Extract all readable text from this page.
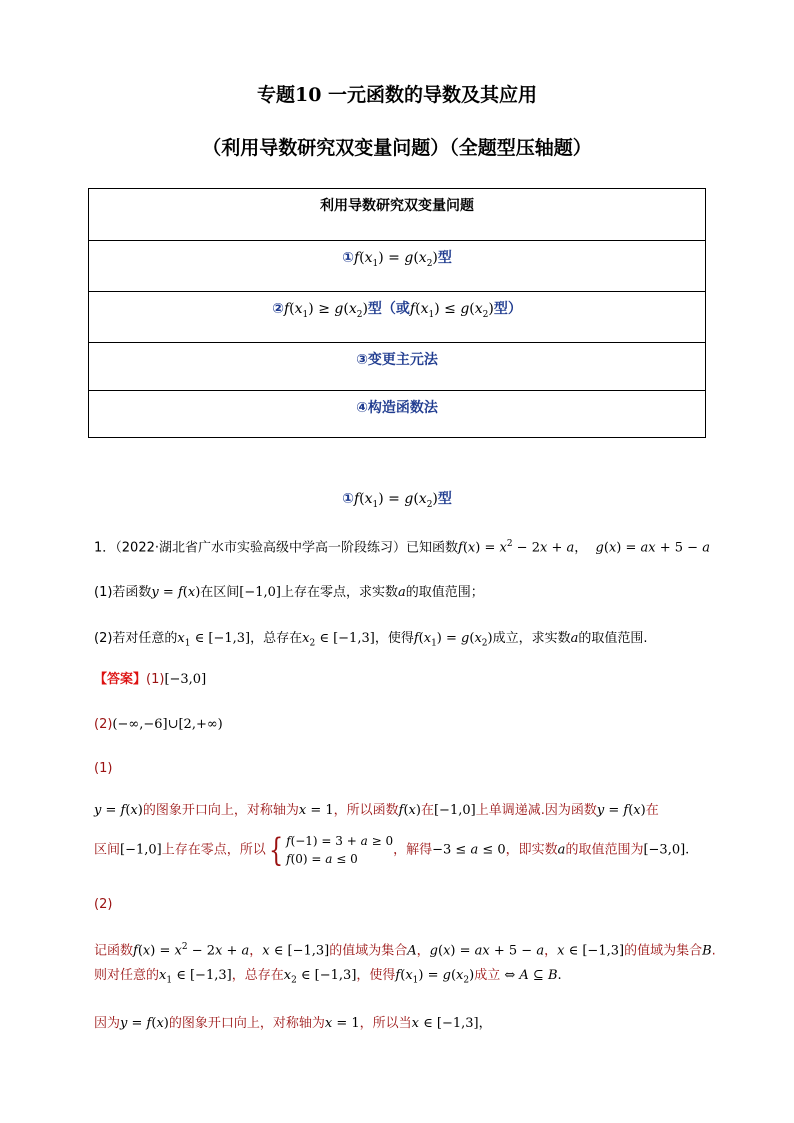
专题10 一元函数的导数及其应用
（利用导数研究双变量问题）（全题型压轴题）
利用导数研究双变量问题
$①f(x_1) = g(x_2)$型
$②f(x_1) \ge g(x_2)$型（或$f(x_1) \le g(x_2)$型）
③变更主元法
④构造函数法
$①f(x_1) = g(x_2)$型
1．（2022·湖北省广水市实验高级中学高一阶段练习）已知函数$f(x) = x^2 - 2x + a$， g(x) = ax + 5 − a
(1)若函数y = f(x)在区间[−1,0]上存在零点，求实数a的取值范围；
(2)若对任意的$x_1$ ∈ [−1,3]，总存在$x_2$ ∈ [−1,3]，使得$f(x_1) = g(x_2)$成立，求实数a的取值范围.
【答案】(1)[−3,0]
(2)(−∞,−6]∪[2,+∞)
(1)
y = f(x)的图象开口向上，对称轴为x = 1，所以函数f(x)在[−1,0]上单调递减.因为函数y = f(x)在
区间[−1,0]上存在零点，所以{ f(−1) = 3 + a ≥ 0
f(0) = a ≤ 0，解得−3 ≤ a ≤ 0，即实数a的取值范围为[−3,0].
(2)
记函数$f(x) = x^2 - 2x + a$，x ∈ [−1,3]的值域为集合A，g(x) = ax + 5 − a，x ∈ [−1,3]的值域为集合B.
则对任意的$x_1$ ∈ [−1,3]，总存在$x_2$ ∈ [−1,3]，使得$f(x_1) = g(x_2)$成立 ⇔ A ⊆ B.
因为y = f(x)的图象开口向上，对称轴为x = 1，所以当x ∈ [−1,3]，
